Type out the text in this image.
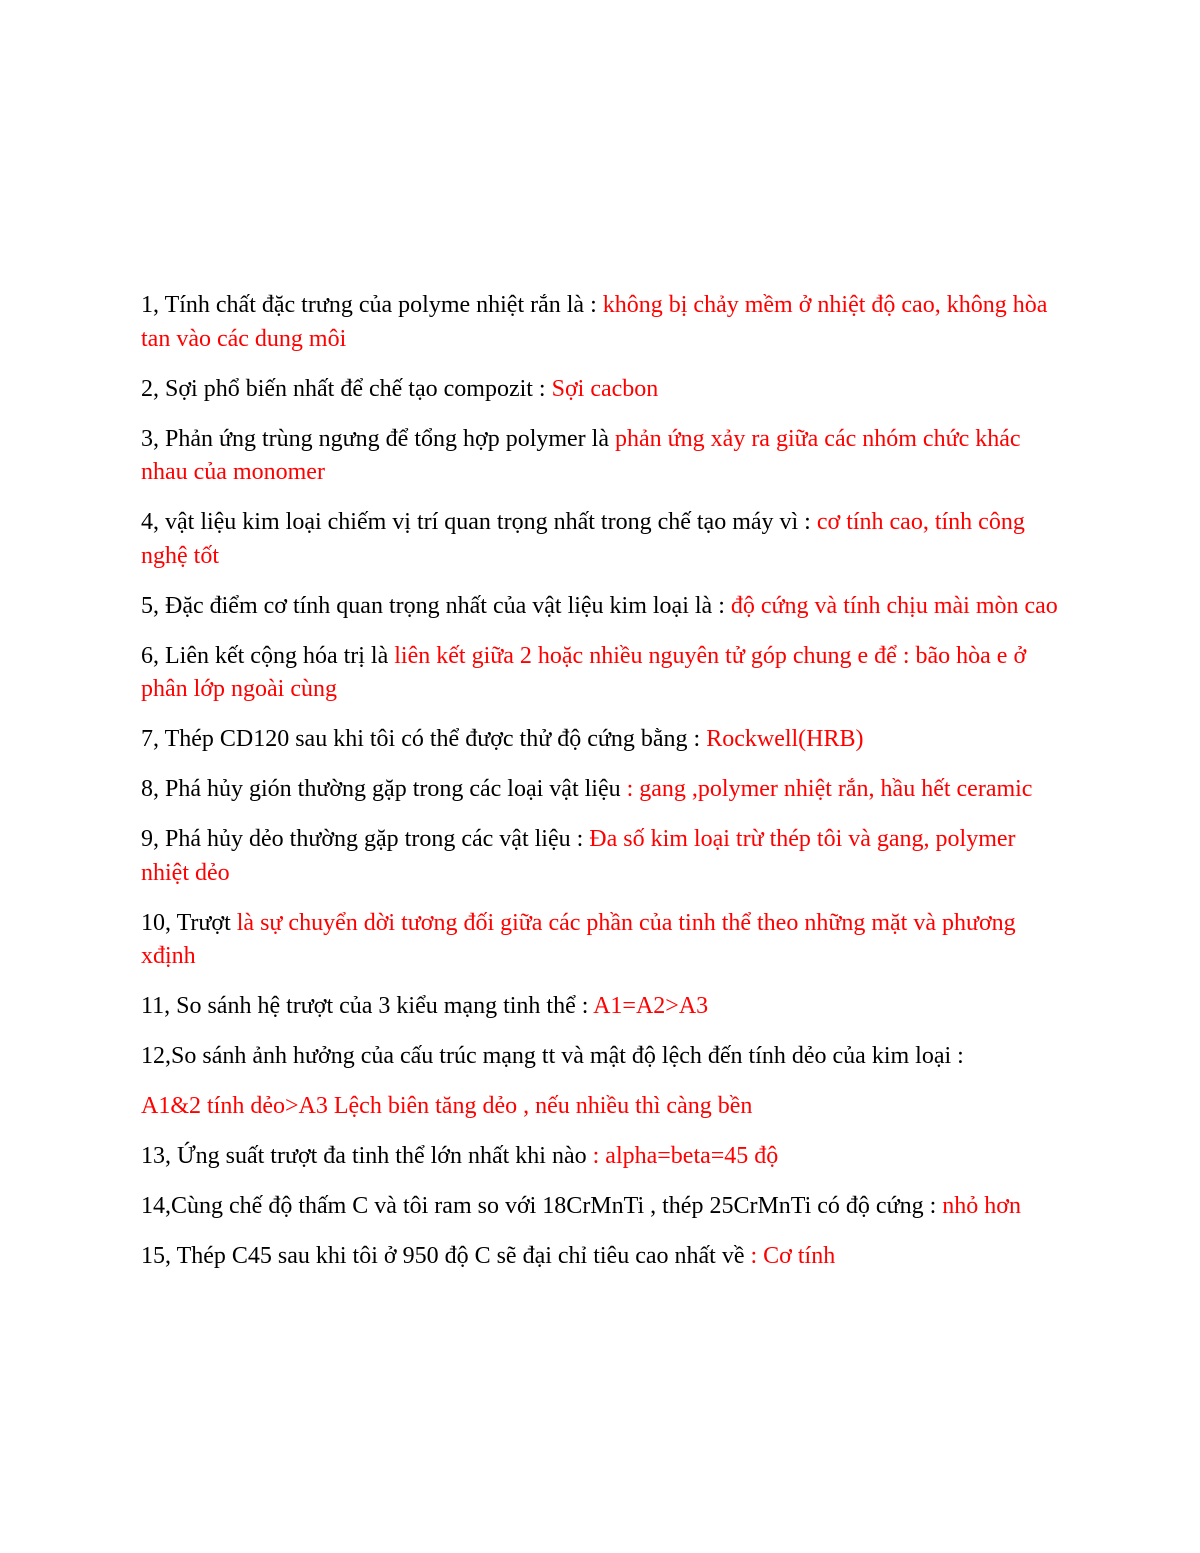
1, Tính chất đặc trưng của polyme nhiệt rắn là : không bị chảy mềm ở nhiệt độ cao, không hòa tan vào các dung môi

2, Sợi phổ biến nhất để chế tạo compozit : Sợi cacbon

3, Phản ứng trùng ngưng để tổng hợp polymer là phản ứng xảy ra giữa các nhóm chức khác nhau của monomer

4, vật liệu kim loại chiếm vị trí quan trọng nhất trong chế tạo máy vì : cơ tính cao, tính công nghệ tốt

5, Đặc điểm cơ tính quan trọng nhất của vật liệu kim loại là : độ cứng và tính chịu mài mòn cao

6, Liên kết cộng hóa trị là liên kết giữa 2 hoặc nhiều nguyên tử góp chung e để : bão hòa e ở phân lớp ngoài cùng

7, Thép CD120 sau khi tôi có thể được thử độ cứng bằng : Rockwell(HRB)

8, Phá hủy gión thường gặp trong các loại vật liệu : gang ,polymer nhiệt rắn, hầu hết ceramic

9, Phá hủy dẻo thường gặp trong các vật liệu : Đa số kim loại trừ thép tôi và gang, polymer nhiệt dẻo

10, Trượt là sự chuyển dời tương đối giữa các phần của tinh thể theo những mặt và phương xđịnh

11, So sánh hệ trượt của 3 kiểu mạng tinh thể : A1=A2>A3

12,So sánh ảnh hưởng của cấu trúc mạng tt và mật độ lệch đến tính dẻo của kim loại :

A1&2 tính dẻo>A3 Lệch biên tăng dẻo , nếu nhiều thì càng bền

13, Ứng suất trượt đa tinh thể lớn nhất khi nào : alpha=beta=45 độ

14,Cùng chế độ thấm C và tôi ram so với 18CrMnTi , thép 25CrMnTi có độ cứng : nhỏ hơn

15, Thép C45 sau khi tôi ở 950 độ C sẽ đại chỉ tiêu cao nhất về : Cơ tính
